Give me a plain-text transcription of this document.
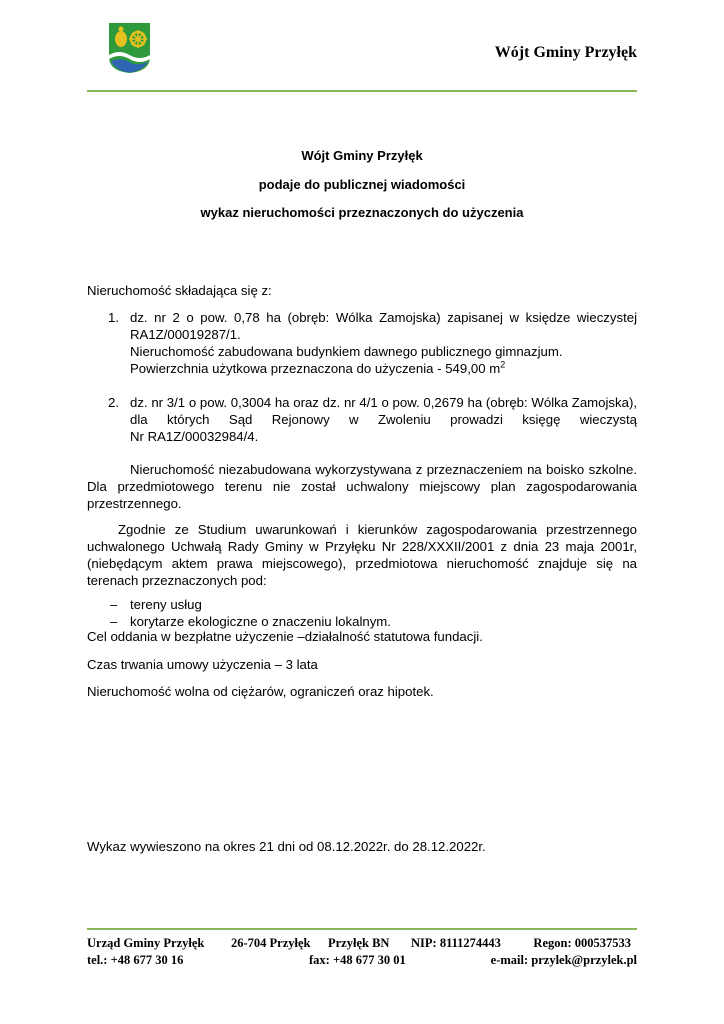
Wójt Gminy Przyłęk
Wójt Gminy Przyłęk
podaje do publicznej wiadomości
wykaz nieruchomości przeznaczonych do użyczenia
Nieruchomość składająca się z:
1. dz. nr 2 o pow. 0,78 ha (obręb: Wólka Zamojska) zapisanej w księdze wieczystej
RA1Z/00019287/1.
Nieruchomość zabudowana budynkiem dawnego publicznego gimnazjum.
Powierzchnia użytkowa przeznaczona do użyczenia - 549,00 $m^2$
2. dz. nr 3/1 o pow. 0,3004 ha oraz dz. nr 4/1 o pow. 0,2679 ha (obręb: Wólka Zamojska),
dla których Sąd Rejonowy w Zwoleniu prowadzi księgę wieczystą
Nr RA1Z/00032984/4.
Nieruchomość niezabudowana wykorzystywana z przeznaczeniem na boisko szkolne.
Dla przedmiotowego terenu nie został uchwalony miejscowy plan zagospodarowania
przestrzennego.
Zgodnie ze Studium uwarunkowań i kierunków zagospodarowania przestrzennego
uchwalonego Uchwałą Rady Gminy w Przyłęku Nr 228/XXXII/2001 z dnia 23 maja 2001r,
(niebędącym aktem prawa miejscowego), przedmiotowa nieruchomość znajduje się na
terenach przeznaczonych pod:
– tereny usług
– korytarze ekologiczne o znaczeniu lokalnym.
Cel oddania w bezpłatne użyczenie –działalność statutowa fundacji.
Czas trwania umowy użyczenia – 3 lata
Nieruchomość wolna od ciężarów, ograniczeń oraz hipotek.
Wykaz wywieszono na okres 21 dni od 08.12.2022r. do 28.12.2022r.
Urząd Gminy Przyłęk 26-704 Przyłęk Przyłęk BN NIP: 8111274443	Regon: 000537533
tel.: +48 677 30 16	fax: +48 677 30 01	e-mail: przylek@przylek.pl
